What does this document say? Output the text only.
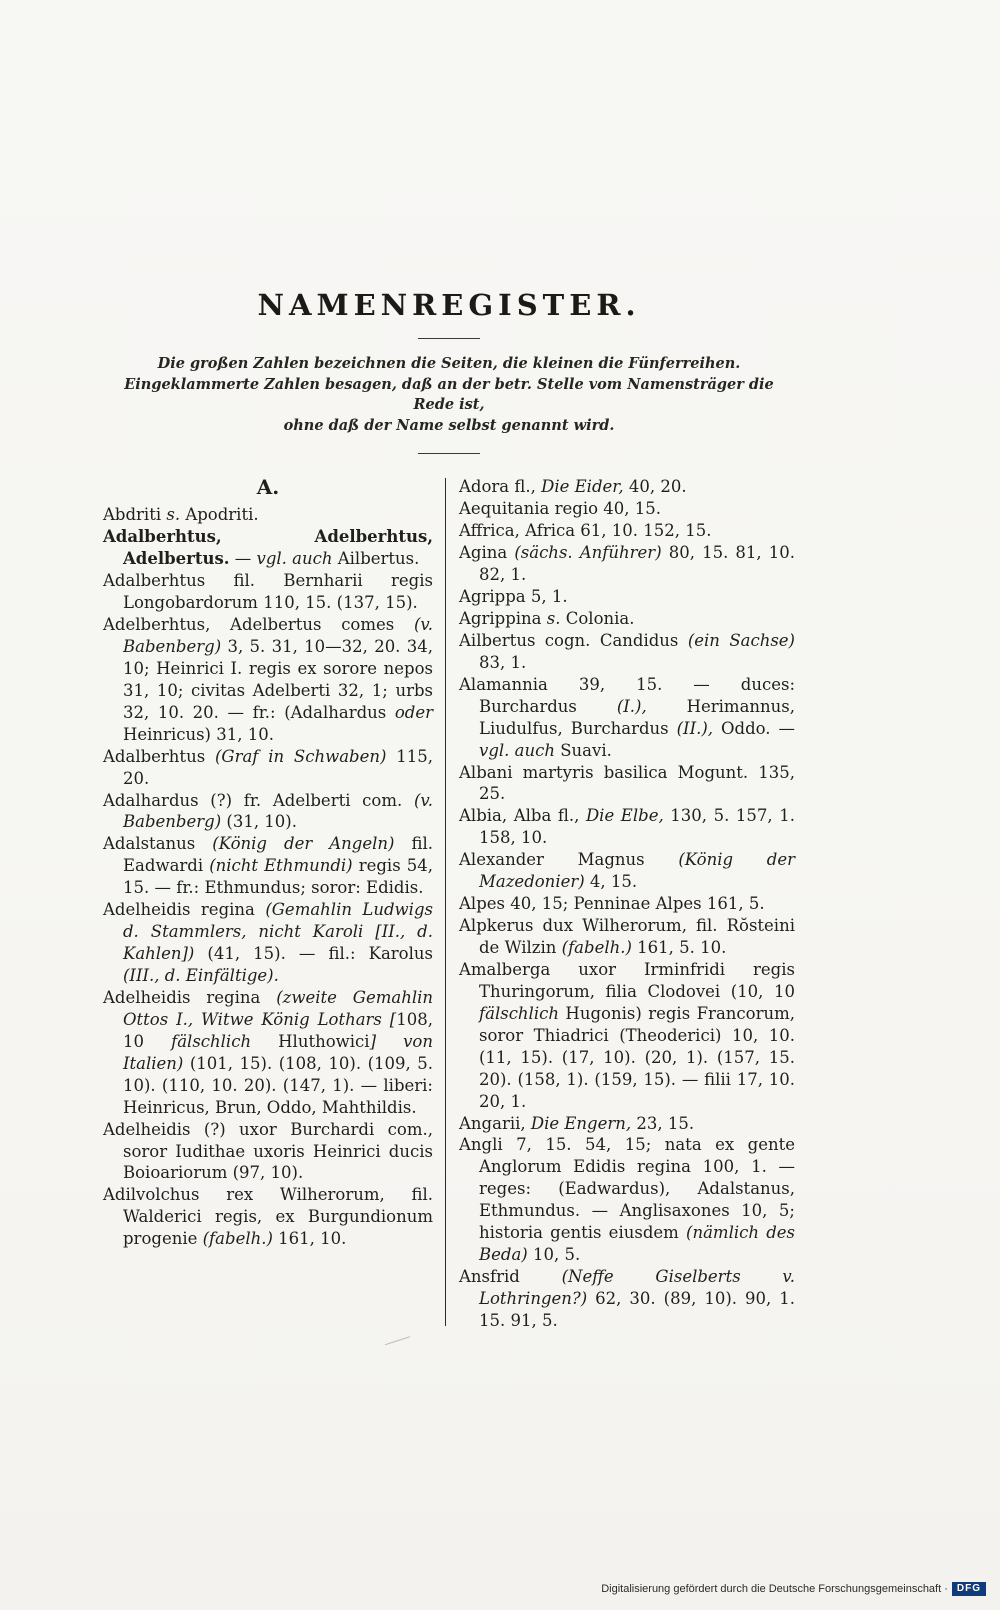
NAMENREGISTER.
Die großen Zahlen bezeichnen die Seiten, die kleinen die Fünferreihen.
Eingeklammerte Zahlen besagen, daß an der betr. Stelle vom Namensträger die Rede ist,
ohne daß der Name selbst genannt wird.
A.

Abdriti s. Apodriti.

Adalberhtus, Adelberhtus, Adelbertus. — vgl. auch Ailbertus.

Adalberhtus fil. Bernharii regis Longobardorum 110, 15. (137, 15).

Adelberhtus, Adelbertus comes (v. Babenberg) 3, 5. 31, 10—32, 20. 34, 10; Heinrici I. regis ex sorore nepos 31, 10; civitas Adelberti 32, 1; urbs 32, 10. 20. — fr.: (Adalhardus oder Heinricus) 31, 10.

Adalberhtus (Graf in Schwaben) 115, 20.

Adalhardus (?) fr. Adelberti com. (v. Babenberg) (31, 10).

Adalstanus (König der Angeln) fil. Eadwardi (nicht Ethmundi) regis 54, 15. — fr.: Ethmundus; soror: Edidis.

Adelheidis regina (Gemahlin Ludwigs d. Stammlers, nicht Karoli [II., d. Kahlen]) (41, 15). — fil.: Karolus (III., d. Einfältige).

Adelheidis regina (zweite Gemahlin Ottos I., Witwe König Lothars [108, 10 fälschlich Hluthowici] von Italien) (101, 15). (108, 10). (109, 5. 10). (110, 10. 20). (147, 1). — liberi: Heinricus, Brun, Oddo, Mahthildis.

Adelheidis (?) uxor Burchardi com., soror Iudithae uxoris Heinrici ducis Boioariorum (97, 10).

Adilvolchus rex Wilherorum, fil. Walderici regis, ex Burgundionum progenie (fabelh.) 161, 10.

Adora fl., Die Eider, 40, 20.

Aequitania regio 40, 15.

Affrica, Africa 61, 10. 152, 15.

Agina (sächs. Anführer) 80, 15. 81, 10. 82, 1.

Agrippa 5, 1.

Agrippina s. Colonia.

Ailbertus cogn. Candidus (ein Sachse) 83, 1.

Alamannia 39, 15. — duces: Burchardus (I.), Herimannus, Liudulfus, Burchardus (II.), Oddo. — vgl. auch Suavi.

Albani martyris basilica Mogunt. 135, 25.

Albia, Alba fl., Die Elbe, 130, 5. 157, 1. 158, 10.

Alexander Magnus (König der Mazedonier) 4, 15.

Alpes 40, 15; Penninae Alpes 161, 5.

Alpkerus dux Wilherorum, fil. Rŏsteini de Wilzin (fabelh.) 161, 5. 10.

Amalberga uxor Irminfridi regis Thuringorum, filia Clodovei (10, 10 fälschlich Hugonis) regis Francorum, soror Thiadrici (Theoderici) 10, 10. (11, 15). (17, 10). (20, 1). (157, 15. 20). (158, 1). (159, 15). — filii 17, 10. 20, 1.

Angarii, Die Engern, 23, 15.

Angli 7, 15. 54, 15; nata ex gente Anglorum Edidis regina 100, 1. — reges: (Eadwardus), Adalstanus, Ethmundus. — Anglisaxones 10, 5; historia gentis eiusdem (nämlich des Beda) 10, 5.

Ansfrid (Neffe Giselberts v. Lothringen?) 62, 30. (89, 10). 90, 1. 15. 91, 5.

Digitalisierung gefördert durch die Deutsche Forschungsgemeinschaft · DFG
